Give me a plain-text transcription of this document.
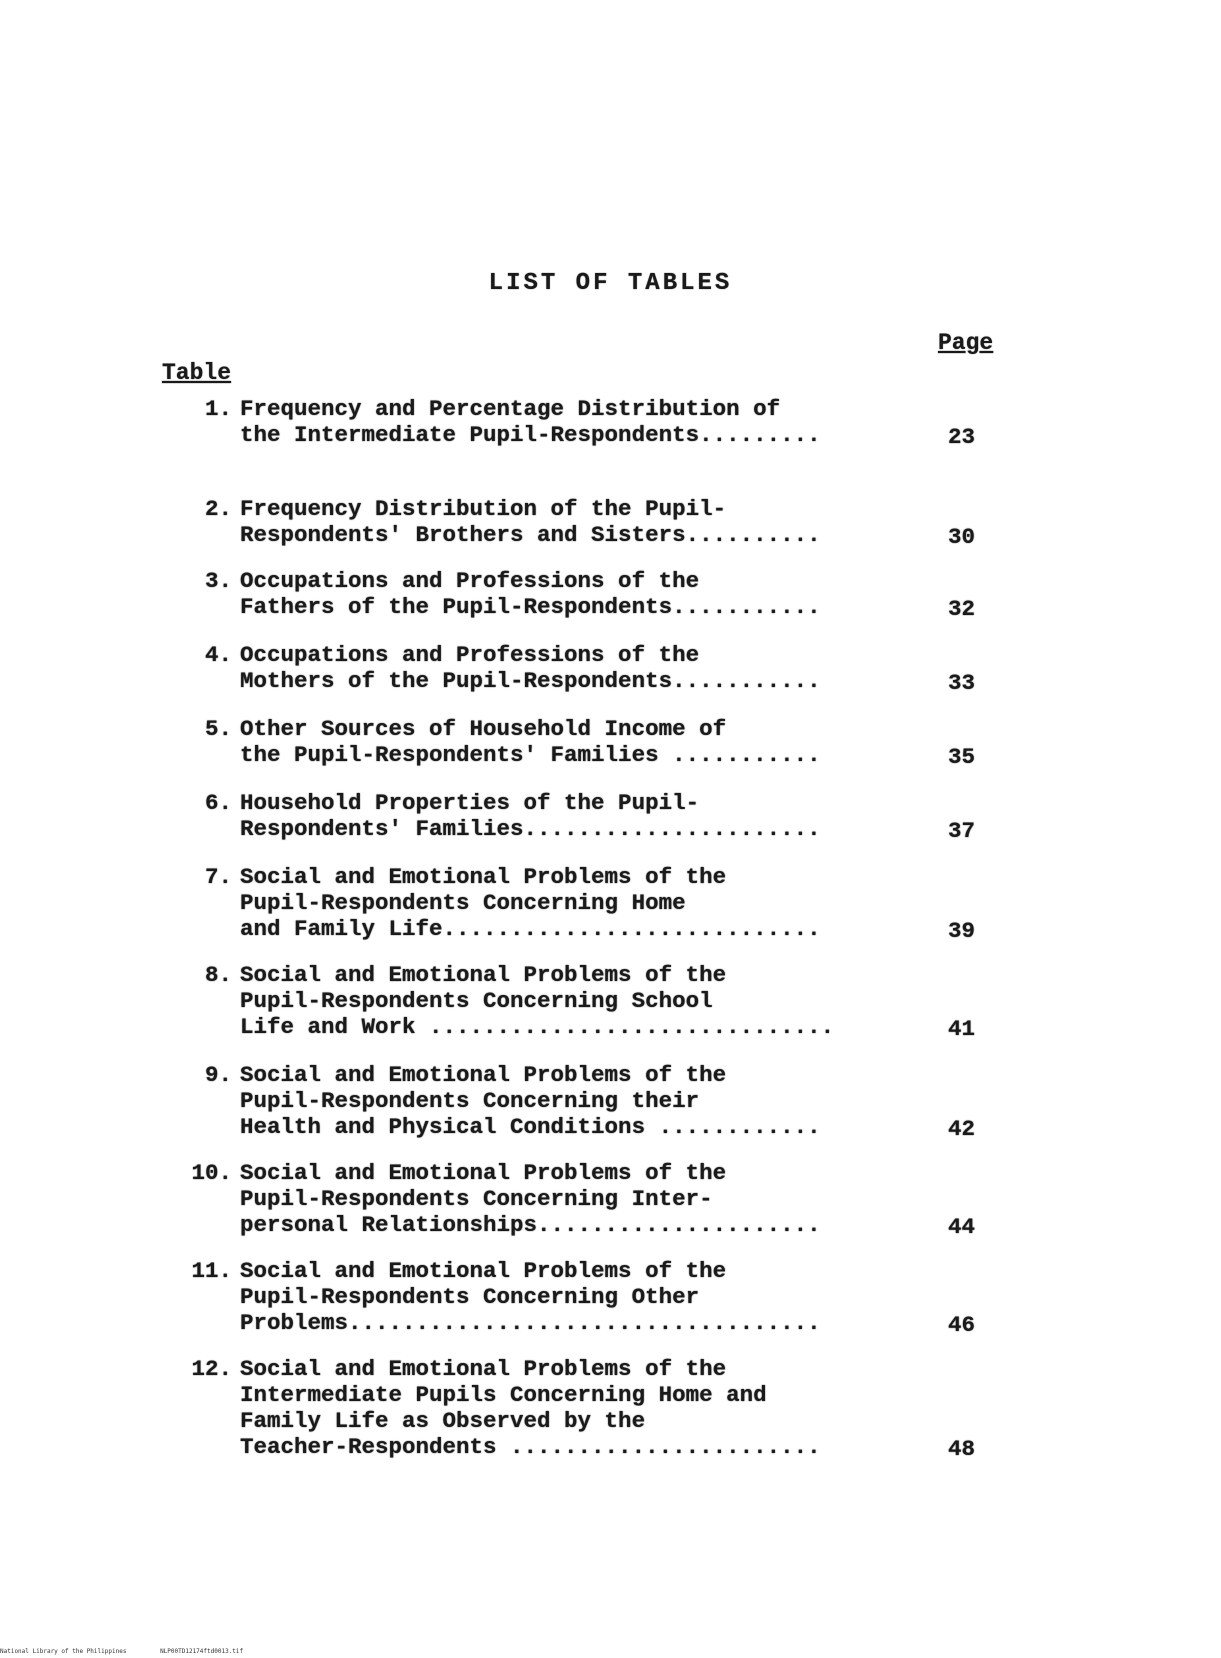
LIST OF TABLES
Page
Table
1. Frequency and Percentage Distribution of
the Intermediate Pupil-Respondents.........	23
2. Frequency Distribution of the Pupil-
Respondents' Brothers and Sisters..........	30
3. Occupations and Professions of the
Fathers of the Pupil-Respondents...........	32
4. Occupations and Professions of the
Mothers of the Pupil-Respondents...........	33
5. Other Sources of Household Income of
the Pupil-Respondents' Families ...........	35
6. Household Properties of the Pupil-
Respondents' Families......................	37
7. Social and Emotional Problems of the
Pupil-Respondents Concerning Home
and Family Life............................	39
8. Social and Emotional Problems of the
Pupil-Respondents Concerning School
Life and Work ..............................	41
9. Social and Emotional Problems of the
Pupil-Respondents Concerning their
Health and Physical Conditions ............	42
10. Social and Emotional Problems of the
Pupil-Respondents Concerning Inter-
personal Relationships.....................	44
11. Social and Emotional Problems of the
Pupil-Respondents Concerning Other
Problems...................................	46
12. Social and Emotional Problems of the
Intermediate Pupils Concerning Home and
Family Life as Observed by the
Teacher-Respondents .......................	48
National Library of the Philippines	NLP00TD12174ftd0013.tif
